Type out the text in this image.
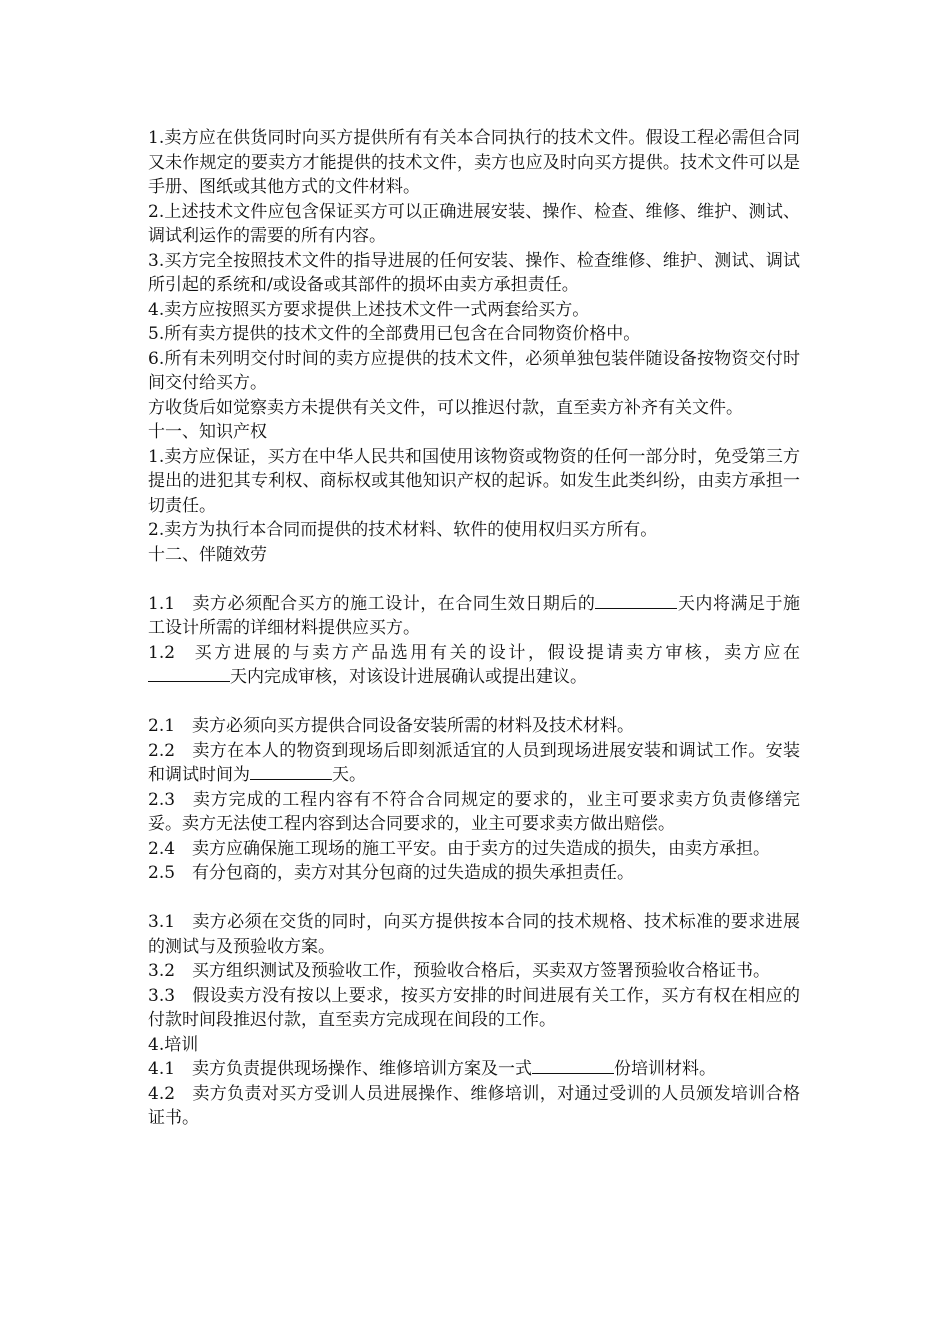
1.卖方应在供货同时向买方提供所有有关本合同执行的技术文件。假设工程必需但合同又未作规定的要卖方才能提供的技术文件，卖方也应及时向买方提供。技术文件可以是手册、图纸或其他方式的文件材料。

2.上述技术文件应包含保证买方可以正确进展安装、操作、检查、维修、维护、测试、调试利运作的需要的所有内容。

3.买方完全按照技术文件的指导进展的任何安装、操作、检查维修、维护、测试、调试所引起的系统和/或设备或其部件的损坏由卖方承担责任。

4.卖方应按照买方要求提供上述技术文件一式两套给买方。

5.所有卖方提供的技术文件的全部费用已包含在合同物资价格中。

6.所有未列明交付时间的卖方应提供的技术文件，必须单独包装伴随设备按物资交付时间交付给买方。

方收货后如觉察卖方未提供有关文件，可以推迟付款，直至卖方补齐有关文件。

十一、知识产权

1.卖方应保证，买方在中华人民共和国使用该物资或物资的任何一部分时，免受第三方提出的进犯其专利权、商标权或其他知识产权的起诉。如发生此类纠纷，由卖方承担一切责任。

2.卖方为执行本合同而提供的技术材料、软件的使用权归买方所有。

十二、伴随效劳

1.1 卖方必须配合买方的施工设计，在合同生效日期后的	天内将满足于施工设计所需的详细材料提供应买方。

1.2 买方进展的与卖方产品选用有关的设计，假设提请卖方审核，卖方应在天内完成审核，对该设计进展确认或提出建议。

2.1 卖方必须向买方提供合同设备安装所需的材料及技术材料。

2.2 卖方在本人的物资到现场后即刻派适宜的人员到现场进展安装和调试工作。安装和调试时间为	天。

2.3 卖方完成的工程内容有不符合合同规定的要求的，业主可要求卖方负责修缮完妥。卖方无法使工程内容到达合同要求的，业主可要求卖方做出赔偿。

2.4 卖方应确保施工现场的施工平安。由于卖方的过失造成的损失，由卖方承担。

2.5 有分包商的，卖方对其分包商的过失造成的损失承担责任。

3.1 卖方必须在交货的同时，向买方提供按本合同的技术规格、技术标准的要求进展的测试与及预验收方案。

3.2 买方组织测试及预验收工作，预验收合格后，买卖双方签署预验收合格证书。

3.3 假设卖方没有按以上要求，按买方安排的时间进展有关工作，买方有权在相应的付款时间段推迟付款，直至卖方完成现在间段的工作。

4.培训

4.1 卖方负责提供现场操作、维修培训方案及一式	份培训材料。

4.2 卖方负责对买方受训人员进展操作、维修培训，对通过受训的人员颁发培训合格证书。
